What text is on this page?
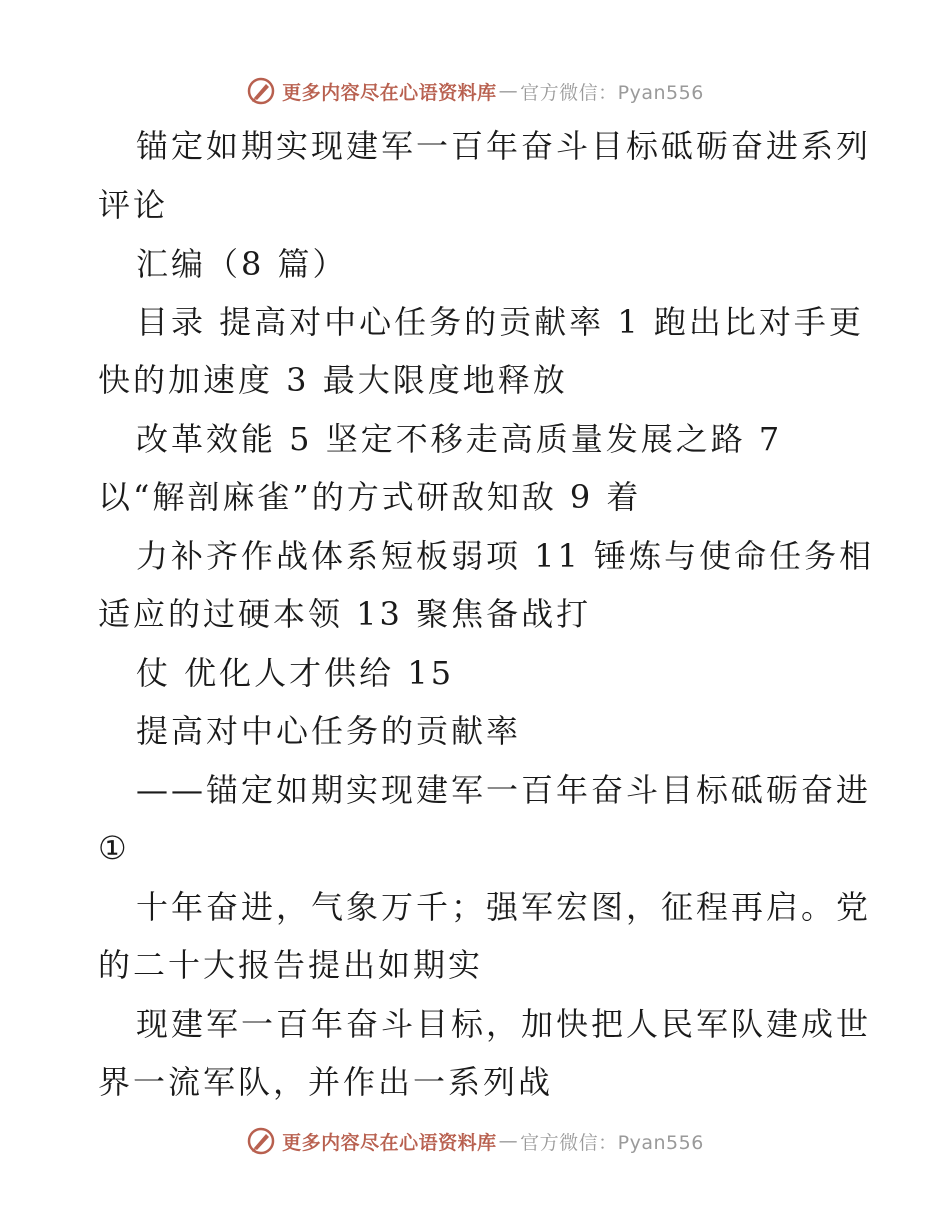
更多内容尽在心语资料库 — 官方微信：Pyan556
锚定如期实现建军一百年奋斗目标砥砺奋进系列
评论
汇编（8 篇）
目录 提高对中心任务的贡献率 1 跑出比对手更
快的加速度 3 最大限度地释放
改革效能 5 坚定不移走高质量发展之路 7
以“解剖麻雀”的方式研敌知敌 9 着
力补齐作战体系短板弱项 11 锤炼与使命任务相
适应的过硬本领 13 聚焦备战打
仗 优化人才供给 15
提高对中心任务的贡献率
——锚定如期实现建军一百年奋斗目标砥砺奋进
①
十年奋进，气象万千；强军宏图，征程再启。党
的二十大报告提出如期实
现建军一百年奋斗目标，加快把人民军队建成世
界一流军队，并作出一系列战
更多内容尽在心语资料库 — 官方微信：Pyan556
